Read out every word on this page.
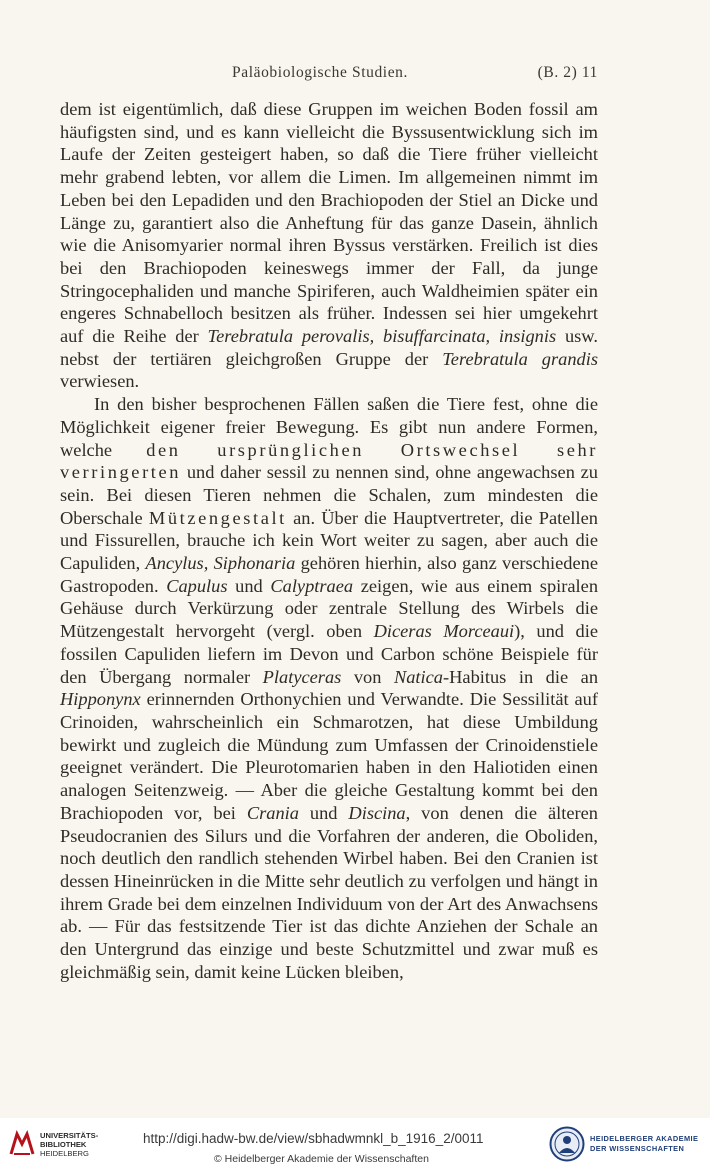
Paläobiologische Studien.	(B. 2) 11

dem ist eigentümlich, daß diese Gruppen im weichen Boden fossil am häufigsten sind, und es kann vielleicht die Byssusentwicklung sich im Laufe der Zeiten gesteigert haben, so daß die Tiere früher vielleicht mehr grabend lebten, vor allem die Limen. Im allgemeinen nimmt im Leben bei den Lepadiden und den Brachiopoden der Stiel an Dicke und Länge zu, garantiert also die Anheftung für das ganze Dasein, ähnlich wie die Anisomyarier normal ihren Byssus verstärken. Freilich ist dies bei den Brachiopoden keineswegs immer der Fall, da junge Stringocephaliden und manche Spiriferen, auch Waldheimien später ein engeres Schnabelloch besitzen als früher. Indessen sei hier umgekehrt auf die Reihe der Terebratula perovalis, bisuffarcinata, insignis usw. nebst der tertiären gleichgroßen Gruppe der Terebratula grandis verwiesen.

In den bisher besprochenen Fällen saßen die Tiere fest, ohne die Möglichkeit eigener freier Bewegung. Es gibt nun andere Formen, welche den ursprünglichen Ortswechsel sehr verringerten und daher sessil zu nennen sind, ohne angewachsen zu sein. Bei diesen Tieren nehmen die Schalen, zum mindesten die Oberschale Mützengestalt an. Über die Hauptvertreter, die Patellen und Fissurellen, brauche ich kein Wort weiter zu sagen, aber auch die Capuliden, Ancylus, Siphonaria gehören hierhin, also ganz verschiedene Gastropoden. Capulus und Calyptraea zeigen, wie aus einem spiralen Gehäuse durch Verkürzung oder zentrale Stellung des Wirbels die Mützengestalt hervorgeht (vergl. oben Diceras Morceaui), und die fossilen Capuliden liefern im Devon und Carbon schöne Beispiele für den Übergang normaler Platyceras von Natica-Habitus in die an Hipponynx erinnernden Orthonychien und Verwandte. Die Sessilität auf Crinoiden, wahrscheinlich ein Schmarotzen, hat diese Umbildung bewirkt und zugleich die Mündung zum Umfassen der Crinoidenstiele geeignet verändert. Die Pleurotomarien haben in den Haliotiden einen analogen Seitenzweig. — Aber die gleiche Gestaltung kommt bei den Brachiopoden vor, bei Crania und Discina, von denen die älteren Pseudocranien des Silurs und die Vorfahren der anderen, die Oboliden, noch deutlich den randlich stehenden Wirbel haben. Bei den Cranien ist dessen Hineinrücken in die Mitte sehr deutlich zu verfolgen und hängt in ihrem Grade bei dem einzelnen Individuum von der Art des Anwachsens ab. — Für das festsitzende Tier ist das dichte Anziehen der Schale an den Untergrund das einzige und beste Schutzmittel und zwar muß es gleichmäßig sein, damit keine Lücken bleiben,

UNIVERSITÄTS-
BIBLIOTHEK
HEIDELBERG
http://digi.hadw-bw.de/view/sbhadwmnkl_b_1916_2/0011
© Heidelberger Akademie der Wissenschaften
HEIDELBERGER AKADEMIE
DER WISSENSCHAFTEN
